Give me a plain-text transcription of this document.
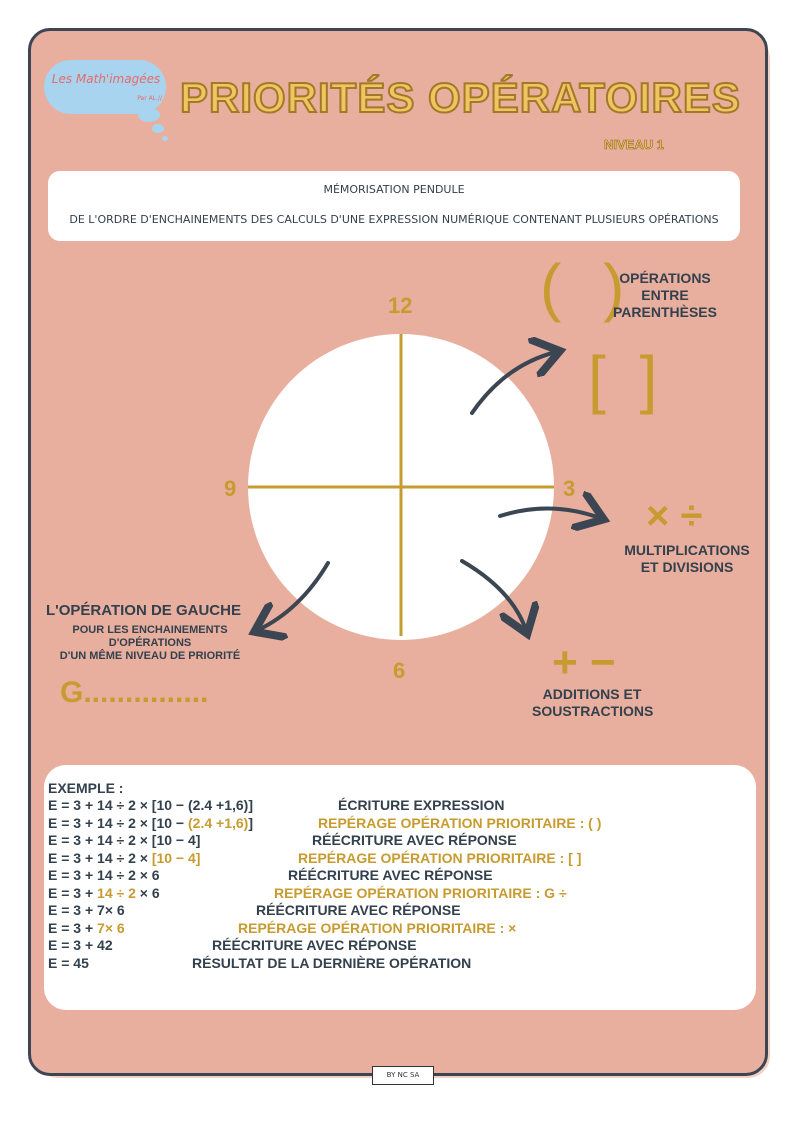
Les Math'imagées
Par AL.// PRIORITÉS OPÉRATOIRES
NIVEAU 1
MÉMORISATION PENDULE
DE L'ORDRE D'ENCHAINEMENTS DES CALCULS D'UNE EXPRESSION NUMÉRIQUE CONTENANT PLUSIEURS OPÉRATIONS
12
3
6
9
( )
[ ]
OPÉRATIONS
ENTRE
PARENTHÈSES
× ÷
MULTIPLICATIONS
ET DIVISIONS
+ −
ADDITIONS ET
SOUSTRACTIONS
L'OPÉRATION DE GAUCHE
POUR LES ENCHAINEMENTS
D'OPÉRATIONS
D'UN MÊME NIVEAU DE PRIORITÉ
G...............
EXEMPLE :
E = 3 + 14 ÷ 2 × [10 − (2.4 +1,6)]	ÉCRITURE EXPRESSION
E = 3 + 14 ÷ 2 × [10 − (2.4 +1,6)]	REPÉRAGE OPÉRATION PRIORITAIRE : ( )
E = 3 + 14 ÷ 2 × [10 − 4]	RÉÉCRITURE AVEC RÉPONSE
E = 3 + 14 ÷ 2 × [10 − 4]	REPÉRAGE OPÉRATION PRIORITAIRE : [ ]
E = 3 + 14 ÷ 2 × 6	RÉÉCRITURE AVEC RÉPONSE
E = 3 + 14 ÷ 2 × 6	REPÉRAGE OPÉRATION PRIORITAIRE : G ÷
E = 3 + 7× 6	RÉÉCRITURE AVEC RÉPONSE
E = 3 + 7× 6	REPÉRAGE OPÉRATION PRIORITAIRE : ×
E = 3 + 42	RÉÉCRITURE AVEC RÉPONSE
E = 45	RÉSULTAT DE LA DERNIÈRE OPÉRATION
BY NC SA
